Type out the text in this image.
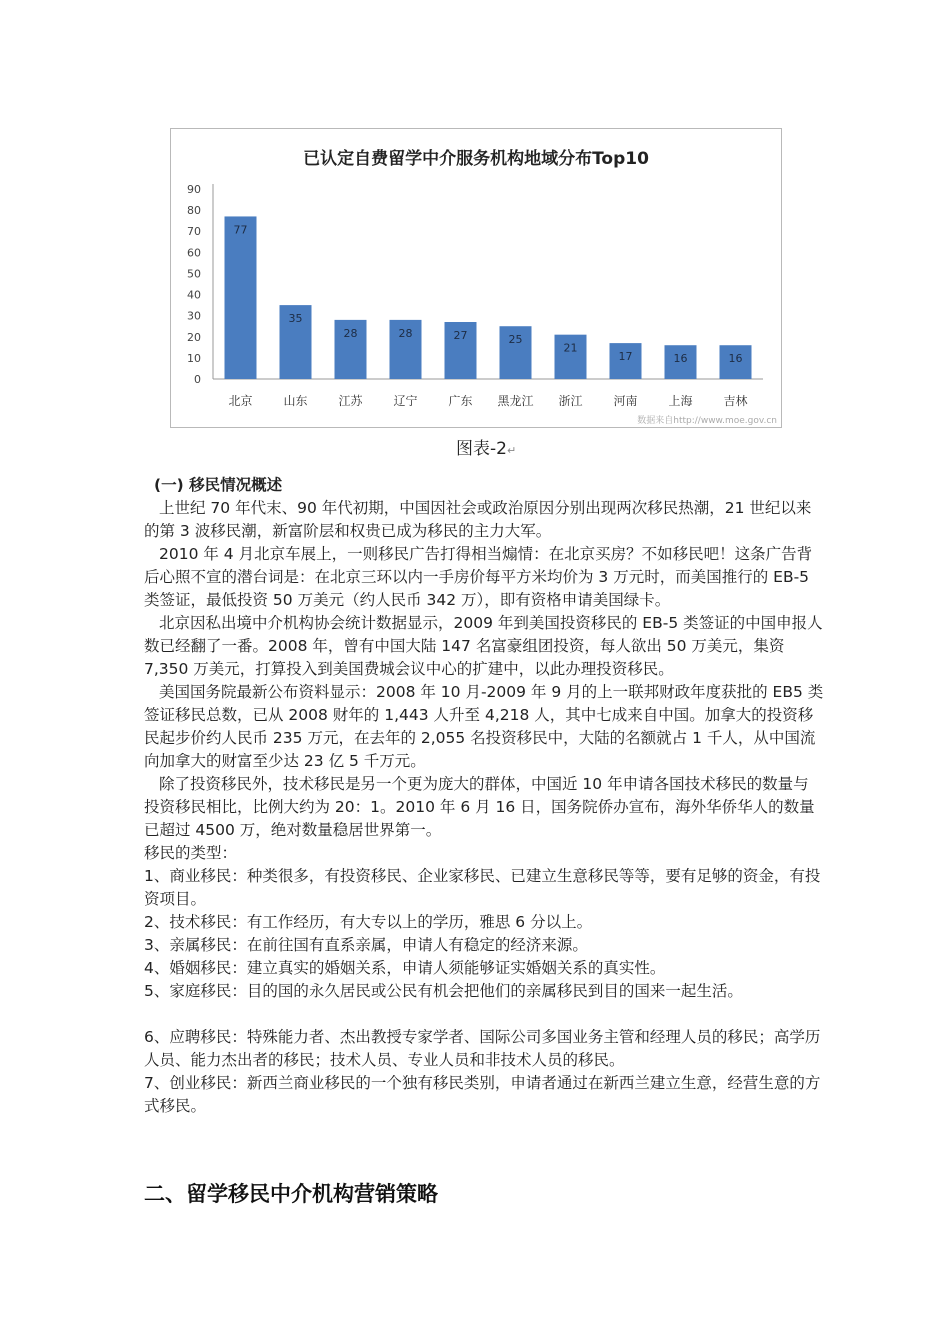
已认定自费留学中介服务机构地域分布Top10
0
10
20
30
40
50
60
70
80
90
77
35
28	28	27	25
21
17	16	16
北京	山东	江苏	辽宁	广东 黑龙江 浙江	河南	上海	吉林
数据来自http://www.moe.gov.cn
图表-2↵

(一) 移民情况概述

上世纪 70 年代末、90 年代初期，中国因社会或政治原因分别出现两次移民热潮，21 世纪以来的第 3 波移民潮，新富阶层和权贵已成为移民的主力大军。

2010 年 4 月北京车展上，一则移民广告打得相当煽情：在北京买房？不如移民吧！这条广告背后心照不宣的潜台词是：在北京三环以内一手房价每平方米均价为 3 万元时，而美国推行的 EB-5 类签证，最低投资 50 万美元（约人民币 342 万），即有资格申请美国绿卡。

北京因私出境中介机构协会统计数据显示，2009 年到美国投资移民的 EB-5 类签证的中国申报人数已经翻了一番。2008 年，曾有中国大陆 147 名富豪组团投资，每人欲出 50 万美元，集资 7,350 万美元，打算投入到美国费城会议中心的扩建中，以此办理投资移民。

美国国务院最新公布资料显示：2008 年 10 月-2009 年 9 月的上一联邦财政年度获批的 EB5 类签证移民总数，已从 2008 财年的 1,443 人升至 4,218 人，其中七成来自中国。加拿大的投资移民起步价约人民币 235 万元，在去年的 2,055 名投资移民中，大陆的名额就占 1 千人，从中国流向加拿大的财富至少达 23 亿 5 千万元。

除了投资移民外，技术移民是另一个更为庞大的群体，中国近 10 年申请各国技术移民的数量与投资移民相比，比例大约为 20：1。2010 年 6 月 16 日，国务院侨办宣布，海外华侨华人的数量已超过 4500 万，绝对数量稳居世界第一。

移民的类型：

1、商业移民：种类很多，有投资移民、企业家移民、已建立生意移民等等，要有足够的资金，有投资项目。

2、技术移民：有工作经历，有大专以上的学历，雅思 6 分以上。

3、亲属移民：在前往国有直系亲属，申请人有稳定的经济来源。

4、婚姻移民：建立真实的婚姻关系，申请人须能够证实婚姻关系的真实性。

5、家庭移民：目的国的永久居民或公民有机会把他们的亲属移民到目的国来一起生活。

6、应聘移民：特殊能力者、杰出教授专家学者、国际公司多国业务主管和经理人员的移民；高学历人员、能力杰出者的移民；技术人员、专业人员和非技术人员的移民。

7、创业移民：新西兰商业移民的一个独有移民类别，申请者通过在新西兰建立生意，经营生意的方式移民。

二、留学移民中介机构营销策略
